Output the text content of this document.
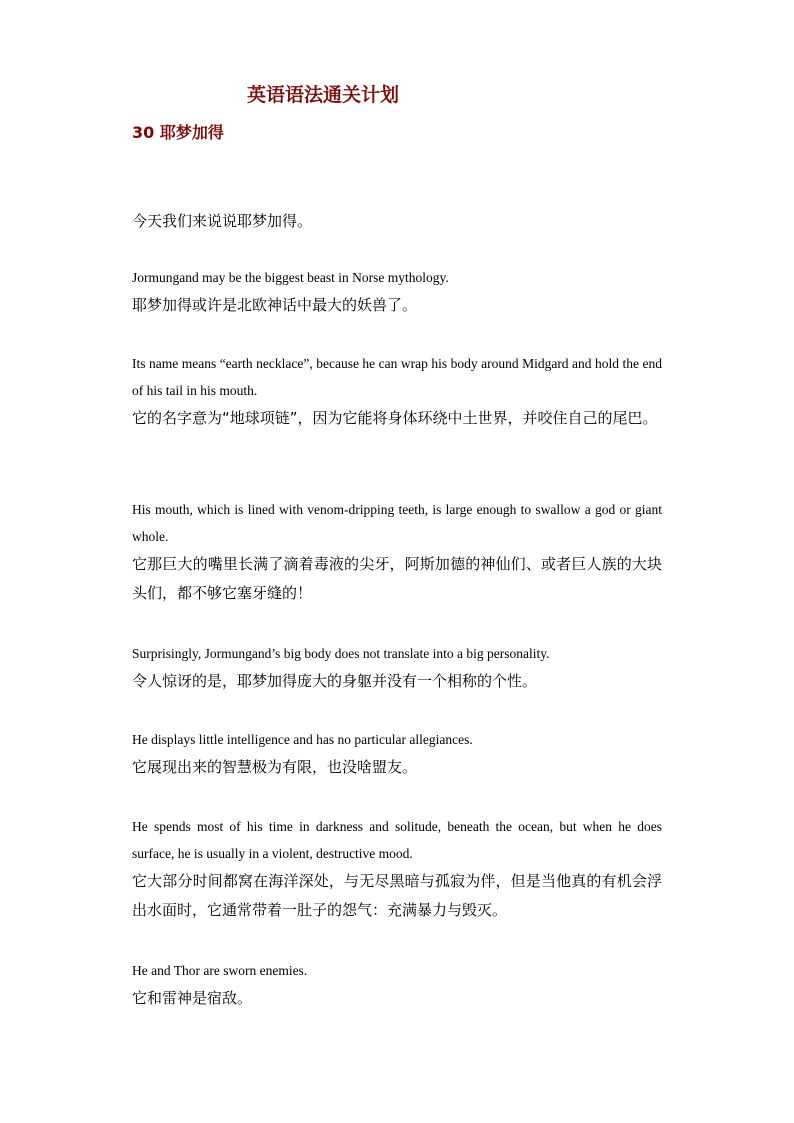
英语语法通关计划
30 耶梦加得
今天我们来说说耶梦加得。
Jormungand may be the biggest beast in Norse mythology.
耶梦加得或许是北欧神话中最大的妖兽了。
Its name means “earth necklace”, because he can wrap his body around Midgard and hold the end of his tail in his mouth.
它的名字意为“地球项链”，因为它能将身体环绕中土世界，并咬住自己的尾巴。
His mouth, which is lined with venom-dripping teeth, is large enough to swallow a god or giant whole.
它那巨大的嘴里长满了滴着毒液的尖牙，阿斯加德的神仙们、或者巨人族的大块头们，都不够它塞牙缝的！
Surprisingly, Jormungand’s big body does not translate into a big personality.
令人惊讶的是，耶梦加得庞大的身躯并没有一个相称的个性。
He displays little intelligence and has no particular allegiances.
它展现出来的智慧极为有限，也没啥盟友。
He spends most of his time in darkness and solitude, beneath the ocean, but when he does surface, he is usually in a violent, destructive mood.
它大部分时间都窝在海洋深处，与无尽黑暗与孤寂为伴，但是当他真的有机会浮出水面时，它通常带着一肚子的怨气：充满暴力与毁灭。
He and Thor are sworn enemies.
它和雷神是宿敌。
